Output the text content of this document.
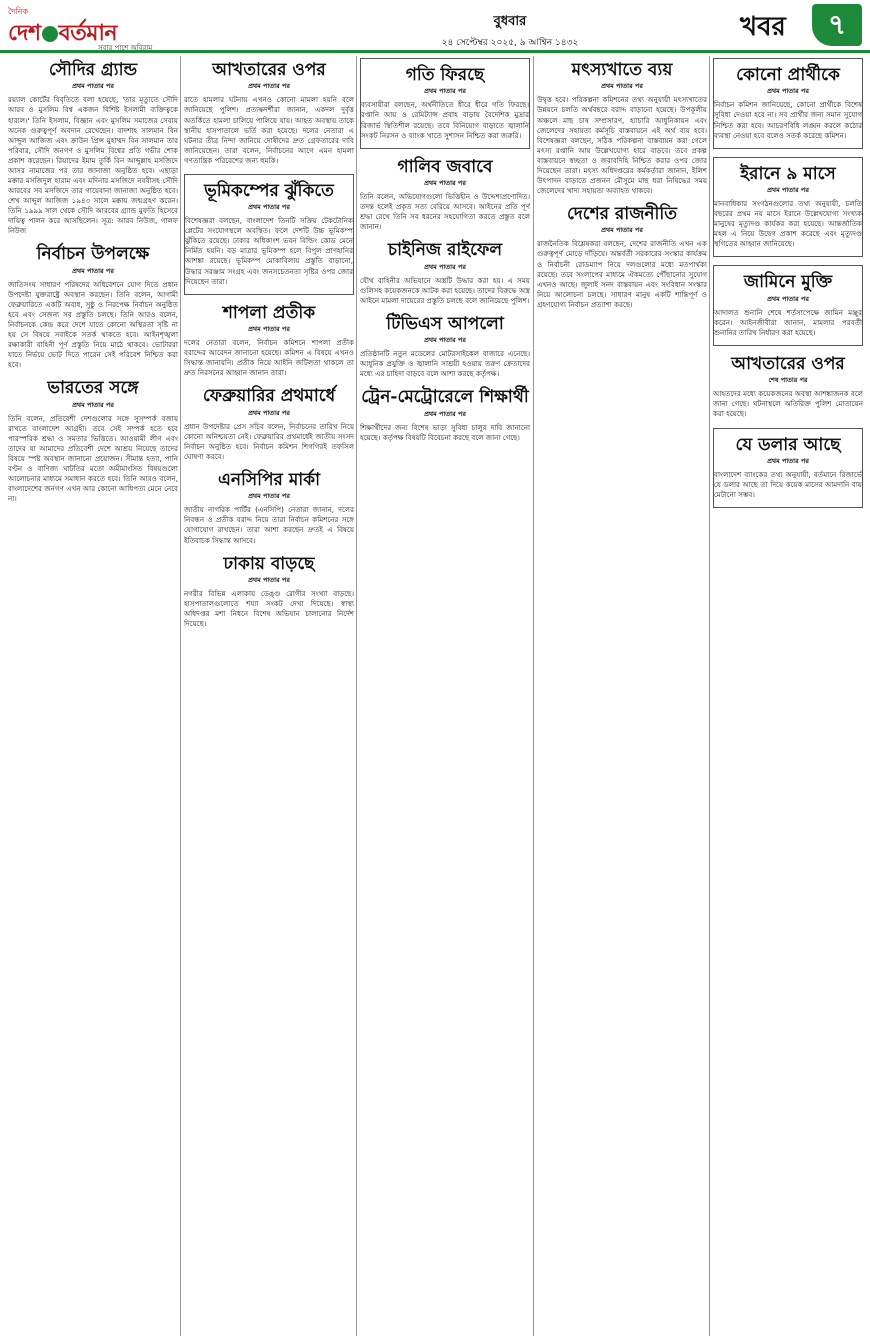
দৈনিক
দেশ বর্তমান
সবার পাশে অবিরাম
বুধবার
২৪ সেপ্টেম্বর ২০২৫, ৯ আশ্বিন ১৪৩২
খবর	৭
সৌদির গ্র্যান্ড
প্রথম পাতার পর

রয়্যাল কোর্টের বিবৃতিতে বলা হয়েছে, 'তার মৃত্যুতে সৌদি আরব ও মুসলিম বিশ্ব একজন বিশিষ্ট ইসলামী ব্যক্তিত্বকে হারাল।' তিনি ইসলাম, বিজ্ঞান এবং মুসলিম সমাজের সেবায় অনেক গুরুত্বপূর্ণ অবদান রেখেছেন। বাদশাহ সালমান বিন আব্দুল আজিজ এবং ক্রাউন প্রিন্স মুহাম্মদ বিন সালমান তার পরিবার, সৌদি জনগণ ও মুসলিম বিশ্বের প্রতি গভীর শোক প্রকাশ করেছেন। রিয়াদের ইমাম তুর্কি বিন আব্দুল্লাহ মসজিদে আসর নামাজের পর তার জানাজা অনুষ্ঠিত হবে। এছাড়া মক্কার মসজিদুল হারাম এবং মদিনার মসজিদে নববীসহ সৌদি আরবের সব মসজিদে তার গায়েবানা জানাজা অনুষ্ঠিত হবে। শেখ আব্দুল আজিজ ১৯৪৩ সালে মক্কায় জন্মগ্রহণ করেন। তিনি ১৯৯৯ সাল থেকে সৌদি আরবের গ্র্যান্ড মুফতি হিসেবে দায়িত্ব পালন করে আসছিলেন। সূত্র: আরব নিউজ, গালফ নিউজ

নির্বাচন উপলক্ষে
প্রথম পাতার পর

জাতিসংঘ সাধারণ পরিষদের অধিবেশনে যোগ দিতে প্রধান উপদেষ্টা যুক্তরাষ্ট্রে অবস্থান করছেন। তিনি বলেন, আগামী ফেব্রুয়ারিতে একটি অবাধ, সুষ্ঠু ও নিরপেক্ষ নির্বাচন অনুষ্ঠিত হবে এবং সেজন্য সব প্রস্তুতি চলছে। তিনি আরও বলেন, নির্বাচনকে কেন্দ্র করে দেশে যাতে কোনো অস্থিরতা সৃষ্টি না হয় সে বিষয়ে সবাইকে সতর্ক থাকতে হবে। আইনশৃঙ্খলা রক্ষাকারী বাহিনী পূর্ণ প্রস্তুতি নিয়ে মাঠে থাকবে। ভোটাররা যাতে নির্ভয়ে ভোট দিতে পারেন সেই পরিবেশ নিশ্চিত করা হবে।

ভারতের সঙ্গে
প্রথম পাতার পর

তিনি বলেন, প্রতিবেশী দেশগুলোর সঙ্গে সুসম্পর্ক বজায় রাখতে বাংলাদেশ আগ্রহী। তবে সেই সম্পর্ক হতে হবে পারস্পরিক শ্রদ্ধা ও সমতার ভিত্তিতে। আওয়ামী লীগ এবং তাদের যা আমাদের প্রতিবেশী দেশে আশ্রয় নিয়েছে তাদের বিষয়ে স্পষ্ট অবস্থান জানানো প্রয়োজন। সীমান্ত হত্যা, পানি বণ্টন ও বাণিজ্য ঘাটতির মতো অমীমাংসিত বিষয়গুলো আলোচনার মাধ্যমে সমাধান করতে হবে। তিনি আরও বলেন, বাংলাদেশের জনগণ এখন আর কোনো আধিপত্য মেনে নেবে না।

আখতারের ওপর
প্রথম পাতার পর

রাতে হামলার ঘটনায় এখনও কোনো মামলা হয়নি বলে জানিয়েছে পুলিশ। প্রত্যক্ষদর্শীরা জানান, একদল দুর্বৃত্ত অতর্কিতে হামলা চালিয়ে পালিয়ে যায়। আহত অবস্থায় তাকে স্থানীয় হাসপাতালে ভর্তি করা হয়েছে। দলের নেতারা এ ঘটনার তীব্র নিন্দা জানিয়ে দোষীদের দ্রুত গ্রেফতারের দাবি জানিয়েছেন। তারা বলেন, নির্বাচনের আগে এমন হামলা গণতান্ত্রিক পরিবেশের জন্য হুমকি।

ভূমিকম্পের ঝুঁকিতে
প্রথম পাতার পর

বিশেষজ্ঞরা বলছেন, বাংলাদেশ তিনটি সক্রিয় টেকটোনিক প্লেটের সংযোগস্থলে অবস্থিত। ফলে দেশটি উচ্চ ভূমিকম্প ঝুঁকিতে রয়েছে। ঢাকার অধিকাংশ ভবন বিল্ডিং কোড মেনে নির্মিত হয়নি। বড় মাত্রার ভূমিকম্প হলে বিপুল প্রাণহানির আশঙ্কা রয়েছে। ভূমিকম্প মোকাবিলায় প্রস্তুতি বাড়ানো, উদ্ধার সরঞ্জাম সংগ্রহ এবং জনসচেতনতা সৃষ্টির ওপর জোর দিয়েছেন তারা।

শাপলা প্রতীক
প্রথম পাতার পর

দলের নেতারা বলেন, নির্বাচন কমিশনে শাপলা প্রতীক বরাদ্দের আবেদন জানানো হয়েছে। কমিশন এ বিষয়ে এখনও সিদ্ধান্ত জানায়নি। প্রতীক নিয়ে আইনি জটিলতা থাকলে তা দ্রুত নিরসনের আহ্বান জানান তারা।

ফেব্রুয়ারির প্রথমার্ধে
প্রথম পাতার পর

প্রধান উপদেষ্টার প্রেস সচিব বলেন, নির্বাচনের তারিখ নিয়ে কোনো অনিশ্চয়তা নেই। ফেব্রুয়ারির প্রথমার্ধেই জাতীয় সংসদ নির্বাচন অনুষ্ঠিত হবে। নির্বাচন কমিশন শিগগিরই তফসিল ঘোষণা করবে।

এনসিপির মার্কা
প্রথম পাতার পর

জাতীয় নাগরিক পার্টির (এনসিপি) নেতারা জানান, দলের নিবন্ধন ও প্রতীক বরাদ্দ নিয়ে তারা নির্বাচন কমিশনের সঙ্গে যোগাযোগ রাখছেন। তারা আশা করছেন দ্রুতই এ বিষয়ে ইতিবাচক সিদ্ধান্ত আসবে।

ঢাকায় বাড়ছে
প্রথম পাতার পর

নগরীর বিভিন্ন এলাকায় ডেঙ্গু রোগীর সংখ্যা বাড়ছে। হাসপাতালগুলোতে শয্যা সংকট দেখা দিয়েছে। স্বাস্থ্য অধিদপ্তর মশা নিধনে বিশেষ অভিযান চালানোর নির্দেশ দিয়েছে।

গতি ফিরছে
প্রথম পাতার পর

ব্যবসায়ীরা বলছেন, অর্থনীতিতে ধীরে ধীরে গতি ফিরছে। রপ্তানি আয় ও রেমিট্যান্স প্রবাহ বাড়ায় বৈদেশিক মুদ্রার রিজার্ভ স্থিতিশীল রয়েছে। তবে বিনিয়োগ বাড়াতে জ্বালানি সংকট নিরসন ও ব্যাংক খাতে সুশাসন নিশ্চিত করা জরুরি।

গালিব জবাবে
প্রথম পাতার পর

তিনি বলেন, অভিযোগগুলো ভিত্তিহীন ও উদ্দেশ্যপ্রণোদিত। তদন্ত হলেই প্রকৃত সত্য বেরিয়ে আসবে। আইনের প্রতি পূর্ণ শ্রদ্ধা রেখে তিনি সব ধরনের সহযোগিতা করতে প্রস্তুত বলে জানান।

চাইনিজ রাইফেল
প্রথম পাতার পর

যৌথ বাহিনীর অভিযানে অস্ত্রটি উদ্ধার করা হয়। এ সময় গুলিসহ কয়েকজনকে আটক করা হয়েছে। তাদের বিরুদ্ধে অস্ত্র আইনে মামলা দায়েরের প্রস্তুতি চলছে বলে জানিয়েছে পুলিশ।

টিভিএস আপলো
প্রথম পাতার পর

প্রতিষ্ঠানটি নতুন মডেলের মোটরসাইকেল বাজারে এনেছে। আধুনিক প্রযুক্তি ও জ্বালানি সাশ্রয়ী হওয়ায় তরুণ ক্রেতাদের মধ্যে এর চাহিদা বাড়বে বলে আশা করছে কর্তৃপক্ষ।

ট্রেন-মেট্রোরেলে শিক্ষার্থী
প্রথম পাতার পর

শিক্ষার্থীদের জন্য বিশেষ ভাড়া সুবিধা চালুর দাবি জানানো হয়েছে। কর্তৃপক্ষ বিষয়টি বিবেচনা করছে বলে জানা গেছে।

মৎস্যখাতে ব্যয়
প্রথম পাতার পর

উদ্বৃত্ত হবে। পরিকল্পনা কমিশনের তথ্য অনুযায়ী মৎস্যখাতের উন্নয়নে চলতি অর্থবছরে বরাদ্দ বাড়ানো হয়েছে। উপকূলীয় অঞ্চলে মাছ চাষ সম্প্রসারণ, হ্যাচারি আধুনিকায়ন এবং জেলেদের সহায়তা কর্মসূচি বাস্তবায়নে এই অর্থ ব্যয় হবে। বিশেষজ্ঞরা বলছেন, সঠিক পরিকল্পনা বাস্তবায়ন করা গেলে মৎস্য রপ্তানি আয় উল্লেখযোগ্য হারে বাড়বে। তবে প্রকল্প বাস্তবায়নে স্বচ্ছতা ও জবাবদিহি নিশ্চিত করার ওপর জোর দিয়েছেন তারা। মৎস্য অধিদপ্তরের কর্মকর্তারা জানান, ইলিশ উৎপাদন বাড়াতে প্রজনন মৌসুমে মাছ ধরা নিষিদ্ধের সময় জেলেদের খাদ্য সহায়তা অব্যাহত থাকবে।

দেশের রাজনীতি
প্রথম পাতার পর

রাজনৈতিক বিশ্লেষকরা বলছেন, দেশের রাজনীতি এখন এক গুরুত্বপূর্ণ মোড়ে দাঁড়িয়ে। অন্তর্বর্তী সরকারের সংস্কার কার্যক্রম ও নির্বাচনী রোডম্যাপ নিয়ে দলগুলোর মধ্যে মতপার্থক্য রয়েছে। তবে সংলাপের মাধ্যমে ঐকমত্যে পৌঁছানোর সুযোগ এখনও আছে। জুলাই সনদ বাস্তবায়ন এবং সংবিধান সংস্কার নিয়ে আলোচনা চলছে। সাধারণ মানুষ একটি শান্তিপূর্ণ ও গ্রহণযোগ্য নির্বাচন প্রত্যাশা করছে।

কোনো প্রার্থীকে
প্রথম পাতার পর

নির্বাচন কমিশন জানিয়েছে, কোনো প্রার্থীকে বিশেষ সুবিধা দেওয়া হবে না। সব প্রার্থীর জন্য সমান সুযোগ নিশ্চিত করা হবে। আচরণবিধি লঙ্ঘন করলে কঠোর ব্যবস্থা নেওয়া হবে বলেও সতর্ক করেছে কমিশন।

ইরানে ৯ মাসে
প্রথম পাতার পর

মানবাধিকার সংগঠনগুলোর তথ্য অনুযায়ী, চলতি বছরের প্রথম নয় মাসে ইরানে উল্লেখযোগ্য সংখ্যক মানুষের মৃত্যুদণ্ড কার্যকর করা হয়েছে। আন্তর্জাতিক মহল এ নিয়ে উদ্বেগ প্রকাশ করেছে এবং মৃত্যুদণ্ড স্থগিতের আহ্বান জানিয়েছে।

জামিনে মুক্তি
প্রথম পাতার পর

আদালত শুনানি শেষে শর্তসাপেক্ষে জামিন মঞ্জুর করেন। আইনজীবীরা জানান, মামলার পরবর্তী শুনানির তারিখ নির্ধারণ করা হয়েছে।

আখতারের ওপর
শেষ পাতার পর

আহতদের মধ্যে কয়েকজনের অবস্থা আশঙ্কাজনক বলে জানা গেছে। ঘটনাস্থলে অতিরিক্ত পুলিশ মোতায়েন করা হয়েছে।

যে ডলার আছে
প্রথম পাতার পর

বাংলাদেশ ব্যাংকের তথ্য অনুযায়ী, বর্তমানে রিজার্ভে যে ডলার আছে তা দিয়ে কয়েক মাসের আমদানি ব্যয় মেটানো সম্ভব।
